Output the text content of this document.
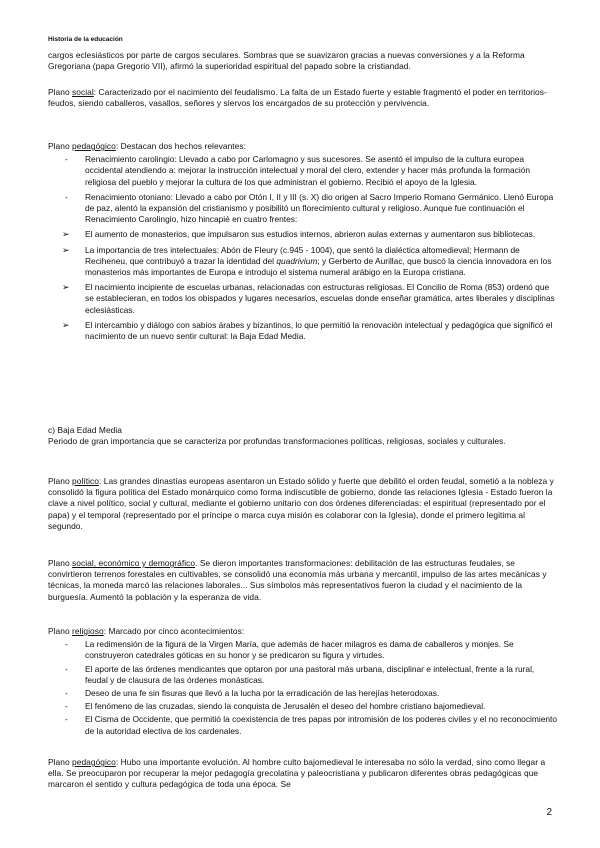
Historia de la educación

cargos eclesiásticos por parte de cargos seculares. Sombras que se suavizaron gracias a nuevas conversiones y a la Reforma Gregoriana (papa Gregorio VII), afirmó la superioridad espiritual del papado sobre la cristiandad.

Plano social: Caracterizado por el nacimiento del feudalismo. La falta de un Estado fuerte y estable fragmentó el poder en territorios-feudos, siendo caballeros, vasallos, señores y siervos los encargados de su protección y pervivencia.

Plano pedagógico: Destacan dos hechos relevantes:

- Renacimiento carolingio: Llevado a cabo por Carlomagno y sus sucesores. Se asentó el impulso de la cultura europea occidental atendiendo a: mejorar la instrucción intelectual y moral del clero, extender y hacer más profunda la formación religiosa del pueblo y mejorar la cultura de los que administran el gobierno. Recibió el apoyo de la Iglesia.
- Renacimiento otoniano: Llevado a cabo por Otón I, II y III (s. X) dio origen al Sacro Imperio Romano Germánico. Llenó Europa de paz, alentó la expansión del cristianismo y posibilitó un florecimiento cultural y religioso. Aunque fue continuación el Renacimiento Carolingio, hizo hincapié en cuatro frentes:
➢ El aumento de monasterios, que impulsaron sus estudios internos, abrieron aulas externas y aumentaron sus bibliotecas.
➢ La importancia de tres intelectuales: Abón de Fleury (c.945 - 1004), que sentó la dialéctica altomedieval; Hermann de Reciheneu, que contribuyó a trazar la identidad del quadrivium; y Gerberto de Aurillac, que buscó la ciencia innovadora en los monasterios más importantes de Europa e introdujo el sistema numeral arábigo en la Europa cristiana.
➢ El nacimiento incipiente de escuelas urbanas, relacionadas con estructuras religiosas. El Concilio de Roma (853) ordenó que se establecieran, en todos los obispados y lugares necesarios, escuelas donde enseñar gramática, artes liberales y disciplinas eclesiásticas.
➢ El intercambio y diálogo con sabios árabes y bizantinos, lo que permitió la renovación intelectual y pedagógica que significó el nacimiento de un nuevo sentir cultural: la Baja Edad Media.

c) Baja Edad Media

Periodo de gran importancia que se caracteriza por profundas transformaciones políticas, religiosas, sociales y culturales.

Plano político: Las grandes dinastías europeas asentaron un Estado sólido y fuerte que debilitó el orden feudal, sometió a la nobleza y consolidó la figura política del Estado monárquico como forma indiscutible de gobierno, donde las relaciones Iglesia - Estado fueron la clave a nivel político, social y cultural, mediante el gobierno unitario con dos órdenes diferenciadas: el espiritual (representado por el papa) y el temporal (representado por el príncipe o marca cuya misión es colaborar con la Iglesia), donde el primero legitima al segundo.

Plano social, económico y demográfico. Se dieron importantes transformaciones: debilitación de las estructuras feudales, se convirtieron terrenos forestales en cultivables, se consolidó una economía más urbana y mercantil, impulso de las artes mecánicas y técnicas, la moneda marcó las relaciones laborales... Sus símbolos más representativos fueron la ciudad y el nacimiento de la burguesía. Aumentó la población y la esperanza de vida.

Plano religioso: Marcado por cinco acontecimientos:

- La redimensión de la figura de la Virgen María, que además de hacer milagros es dama de caballeros y monjes. Se construyeron catedrales góticas en su honor y se predicaron su figura y virtudes.
- El aporte de las órdenes mendicantes que optaron por una pastoral más urbana, disciplinar e intelectual, frente a la rural, feudal y de clausura de las órdenes monásticas.
- Deseo de una fe sin fisuras que llevó a la lucha por la erradicación de las herejías heterodoxas.
- El fenómeno de las cruzadas, siendo la conquista de Jerusalén el deseo del hombre cristiano bajomedieval.
- El Cisma de Occidente, que permitió la coexistencia de tres papas por intromisión de los poderes civiles y el no reconocimiento de la autoridad electiva de los cardenales.

Plano pedagógico: Hubo una importante evolución. Al hombre culto bajomedieval le interesaba no sólo la verdad, sino como llegar a ella. Se preocuparon por recuperar la mejor pedagogía grecolatina y paleocristiana y publicaron diferentes obras pedagógicas que marcaron el sentido y cultura pedagógica de toda una época. Se

2
